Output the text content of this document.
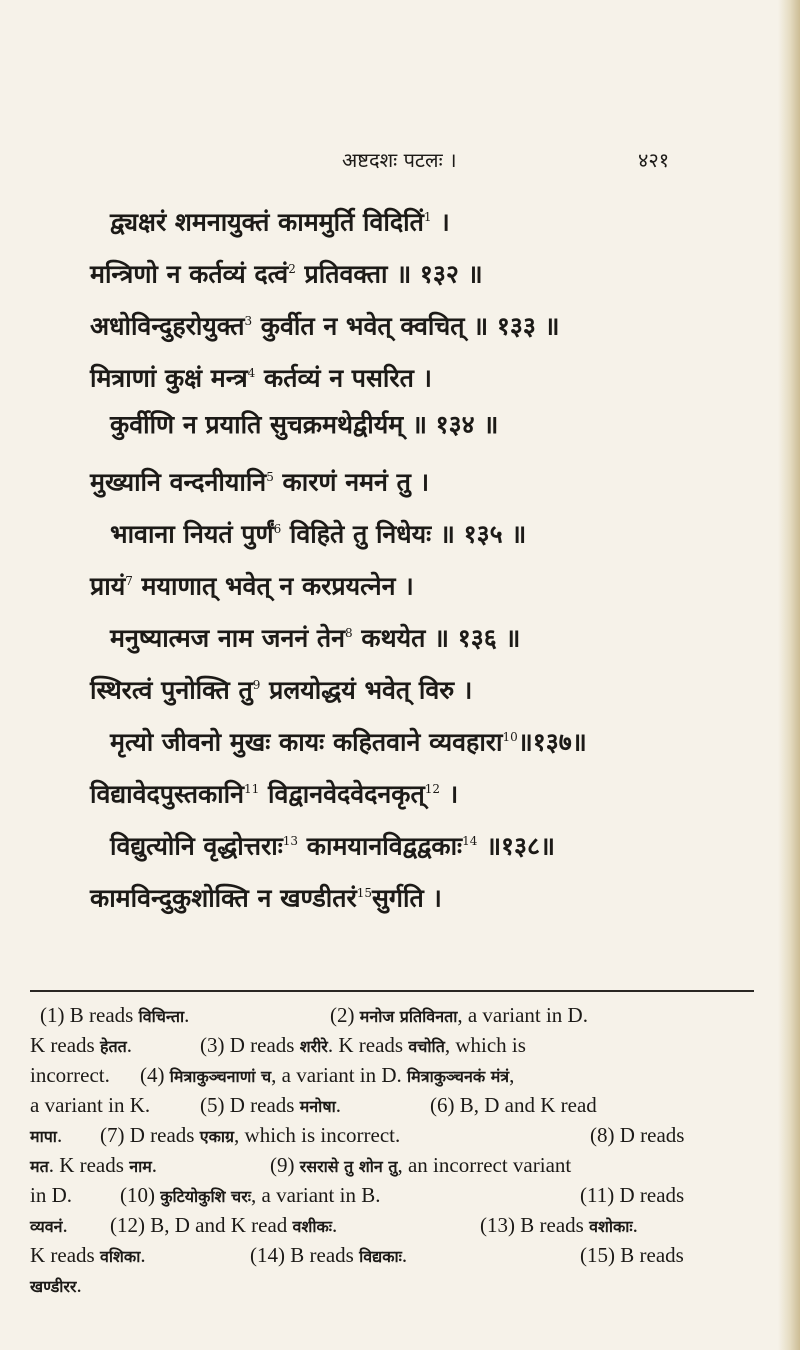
अष्टदशः पटलः ।	४२१
द्व्यक्षरं शमनायुक्तं काममुर्ति विदितिं$^1$ ।
मन्त्रिणो न कर्तव्यं दत्वं$^2$ प्रतिवक्ता ॥ १३२ ॥
अधोविन्दुहरोयुक्त$^3$ कुर्वीत न भवेत् क्वचित् ॥ १३३ ॥
मित्राणां कुक्षं मन्त्र$^4$ कर्तव्यं न पसरित ।
कुर्वीणि न प्रयाति सुचक्रमथेद्वीर्यम् ॥ १३४ ॥
मुख्यानि वन्दनीयानि$^5$ कारणं नमनं तु ।
भावाना नियतं पुर्णं$^6$ विहिते तु निधेयः ॥ १३५ ॥
प्रायं$^7$ मयाणात् भवेत् न करप्रयत्नेन ।
मनुष्यात्मज नाम जननं तेन$^8$ कथयेत ॥ १३६ ॥
स्थिरत्वं पुनोक्ति तु$^9$ प्रलयोद्धयं भवेत् विरु ।
मृत्यो जीवनो मुखः कायः कहितवाने व्यवहारा$^{10}$॥१३७॥
विद्यावेदपुस्तकानि$^{11}$ विद्वानवेदवेदनकृत्$^{12}$ ।
विद्युत्योनि वृद्धोत्तराः$^{13}$ कामयानविद्वद्वकाः$^{14}$ ॥१३८॥
कामविन्दुकुशोक्ति न खण्डीतरं$^{15}$सुर्गति ।
(1) B reads विचिन्ता.	(2) मनोज प्रतिविनता, a variant in D.
K reads हेतत.	(3) D reads शरीरे. K reads वचोति, which is
incorrect. (4) मित्राकुञ्चनाणां च, a variant in D. मित्राकुञ्चनकं मंत्रं,
a variant in K. (5) D reads मनोषा.	(6) B, D and K read
मापा. (7) D reads एकाग्र, which is incorrect.	(8) D reads
मत. K reads नाम.	(9) रसरासे तु शोन तु, an incorrect variant
in D. (10) कुटियोकुशि चरः, a variant in B.	(11) D reads
व्यवनं. (12) B, D and K read वशीकः.	(13) B reads वशोकाः.
K reads वशिका.	(14) B reads विद्यकाः.	(15) B reads
खण्डीरर.
